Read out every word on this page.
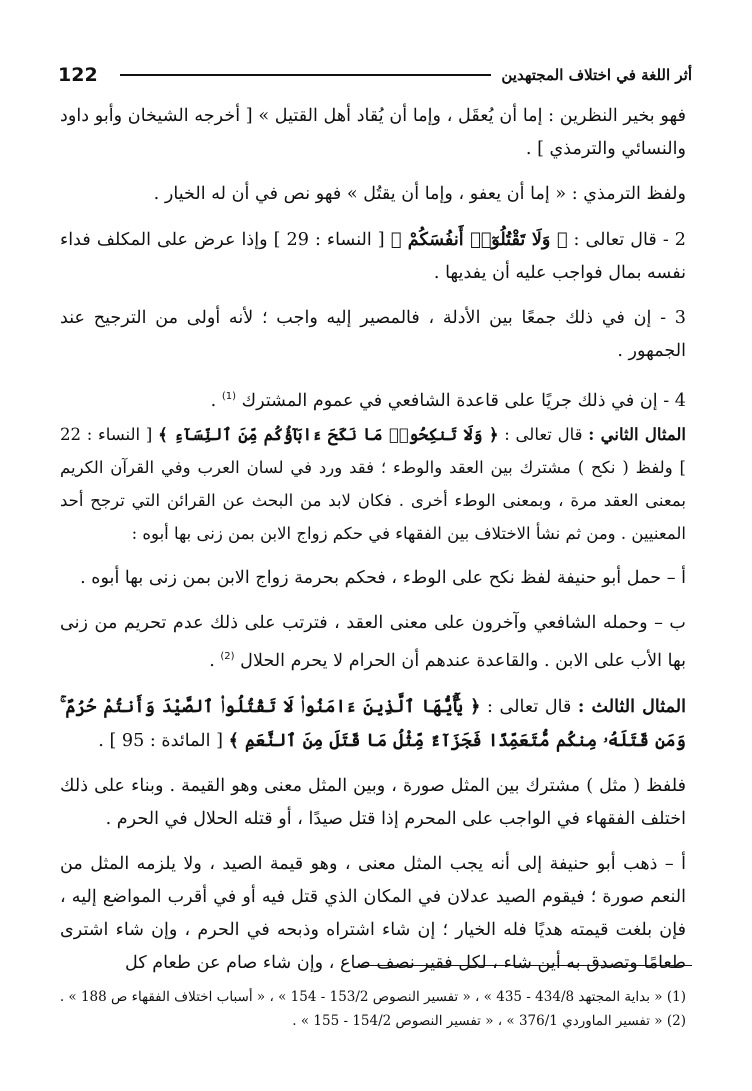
122	أثر اللغة في اختلاف المجتهدين

فهو بخير النظرين : إما أن يُعقَل ، وإما أن يُقاد أهل القتيل » [ أخرجه الشيخان وأبو داود والنسائي والترمذي ] .

ولفظ الترمذي : « إما أن يعفو ، وإما أن يقتُل » فهو نص في أن له الخيار .

2 - قال تعالى : ﴿ وَلَا تَقْتُلُوٓا۟ أَنفُسَكُمْ ﴾ [ النساء : 29 ] وإذا عرض على المكلف فداء نفسه بمال فواجب عليه أن يفديها .

3 - إن في ذلك جمعًا بين الأدلة ، فالمصير إليه واجب ؛ لأنه أولى من الترجيح عند الجمهور .

4 - إن في ذلك جريًا على قاعدة الشافعي في عموم المشترك $^{(1)}$ .

المثال الثاني : قال تعالى : ﴿ وَلَا تَنكِحُوا۟ مَا نَكَحَ ءَابَآؤُكُم مِّنَ ٱلنِّسَآءِ ﴾ [ النساء : 22 ] ولفظ ( نكح ) مشترك بين العقد والوطء ؛ فقد ورد في لسان العرب وفي القرآن الكريم بمعنى العقد مرة ، وبمعنى الوطء أخرى . فكان لابد من البحث عن القرائن التي ترجح أحد المعنيين . ومن ثم نشأ الاختلاف بين الفقهاء في حكم زواج الابن بمن زنى بها أبوه :

أ – حمل أبو حنيفة لفظ نكح على الوطء ، فحكم بحرمة زواج الابن بمن زنى بها أبوه .

ب – وحمله الشافعي وآخرون على معنى العقد ، فترتب على ذلك عدم تحريم من زنى بها الأب على الابن . والقاعدة عندهم أن الحرام لا يحرم الحلال $^{(2)}$ .

المثال الثالث : قال تعالى : ﴿ يَٰٓأَيُّهَا ٱلَّذِينَ ءَامَنُوا۟ لَا تَقْتُلُوا۟ ٱلصَّيْدَ وَأَنتُمْ حُرُمٌ ۚ وَمَن قَتَلَهُۥ مِنكُم مُّتَعَمِّدًا فَجَزَآءٌ مِّثْلُ مَا قَتَلَ مِنَ ٱلنَّعَمِ ﴾ [ المائدة : 95 ] .

فلفظ ( مثل ) مشترك بين المثل صورة ، وبين المثل معنى وهو القيمة . وبناء على ذلك اختلف الفقهاء في الواجب على المحرم إذا قتل صيدًا ، أو قتله الحلال في الحرم .

أ – ذهب أبو حنيفة إلى أنه يجب المثل معنى ، وهو قيمة الصيد ، ولا يلزمه المثل من النعم صورة ؛ فيقوم الصيد عدلان في المكان الذي قتل فيه أو في أقرب المواضع إليه ، فإن بلغت قيمته هديًا فله الخيار ؛ إن شاء اشتراه وذبحه في الحرم ، وإن شاء اشترى طعامًا وتصدق به أين شاء ، لكل فقير نصف صاع ، وإن شاء صام عن طعام كل

(1) « بداية المجتهد 434/8 - 435 » ، « تفسير النصوص 153/2 - 154 » ، « أسباب اختلاف الفقهاء ص 188 » .
(2) « تفسير الماوردي 376/1 » ، « تفسير النصوص 154/2 - 155 » .
